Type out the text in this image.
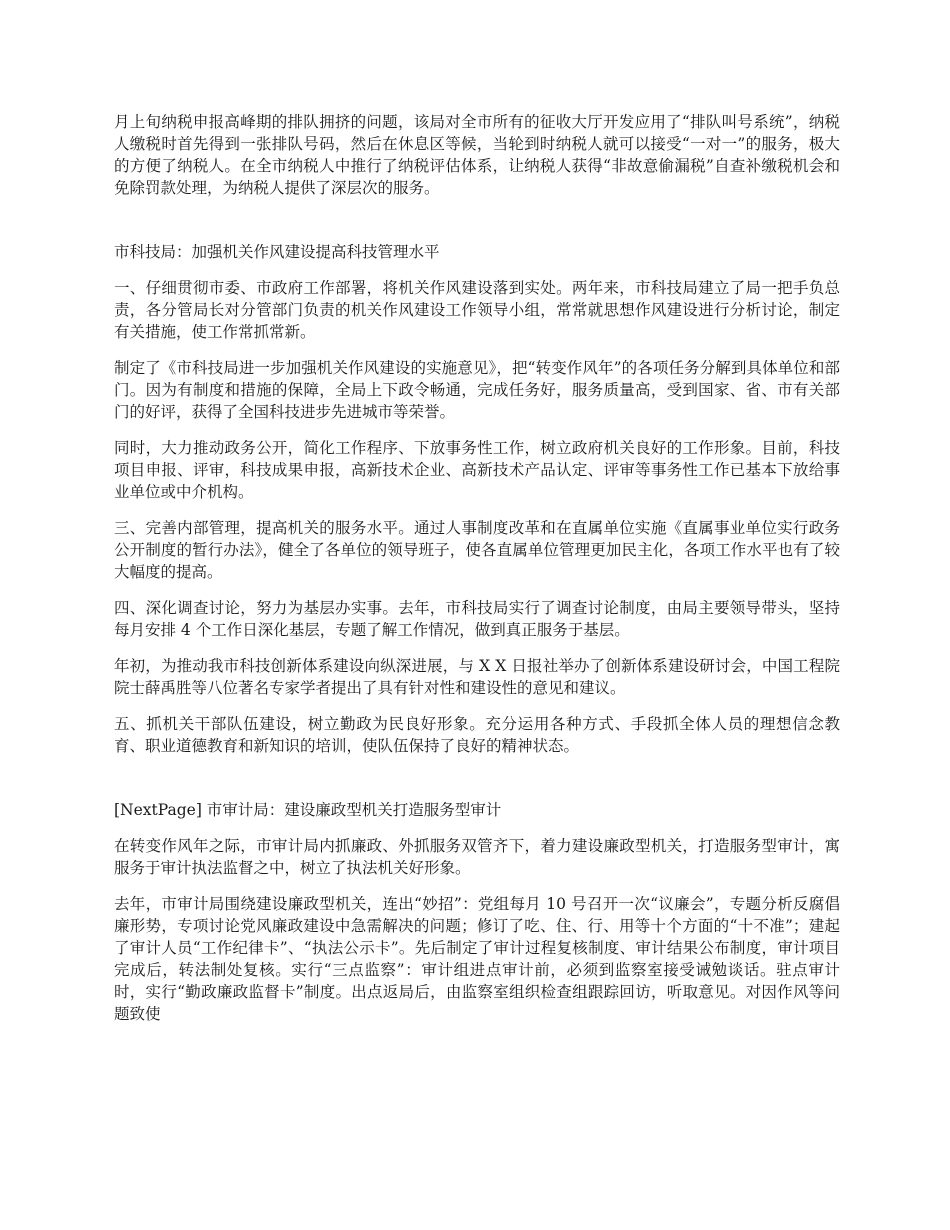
月上旬纳税申报高峰期的排队拥挤的问题，该局对全市所有的征收大厅开发应用了“排队叫号系统”，纳税人缴税时首先得到一张排队号码，然后在休息区等候，当轮到时纳税人就可以接受“一对一”的服务，极大的方便了纳税人。在全市纳税人中推行了纳税评估体系，让纳税人获得“非故意偷漏税”自查补缴税机会和免除罚款处理，为纳税人提供了深层次的服务。

市科技局：加强机关作风建设提高科技管理水平

一、仔细贯彻市委、市政府工作部署，将机关作风建设落到实处。两年来，市科技局建立了局一把手负总责，各分管局长对分管部门负责的机关作风建设工作领导小组，常常就思想作风建设进行分析讨论，制定有关措施，使工作常抓常新。

制定了《市科技局进一步加强机关作风建设的实施意见》，把“转变作风年”的各项任务分解到具体单位和部门。因为有制度和措施的保障，全局上下政令畅通，完成任务好，服务质量高，受到国家、省、市有关部门的好评，获得了全国科技进步先进城市等荣誉。

同时，大力推动政务公开，简化工作程序、下放事务性工作，树立政府机关良好的工作形象。目前，科技项目申报、评审，科技成果申报，高新技术企业、高新技术产品认定、评审等事务性工作已基本下放给事业单位或中介机构。

三、完善内部管理，提高机关的服务水平。通过人事制度改革和在直属单位实施《直属事业单位实行政务公开制度的暂行办法》，健全了各单位的领导班子，使各直属单位管理更加民主化，各项工作水平也有了较大幅度的提高。

四、深化调查讨论，努力为基层办实事。去年，市科技局实行了调查讨论制度，由局主要领导带头，坚持每月安排 4 个工作日深化基层，专题了解工作情况，做到真正服务于基层。

年初，为推动我市科技创新体系建设向纵深进展，与 X X 日报社举办了创新体系建设研讨会，中国工程院院士薛禹胜等八位著名专家学者提出了具有针对性和建设性的意见和建议。

五、抓机关干部队伍建设，树立勤政为民良好形象。充分运用各种方式、手段抓全体人员的理想信念教育、职业道德教育和新知识的培训，使队伍保持了良好的精神状态。

[NextPage] 市审计局：建设廉政型机关打造服务型审计

在转变作风年之际，市审计局内抓廉政、外抓服务双管齐下，着力建设廉政型机关，打造服务型审计，寓服务于审计执法监督之中，树立了执法机关好形象。

去年，市审计局围绕建设廉政型机关，连出“妙招”：党组每月 10 号召开一次“议廉会”，专题分析反腐倡廉形势，专项讨论党风廉政建设中急需解决的问题；修订了吃、住、行、用等十个方面的“十不准”；建起了审计人员“工作纪律卡”、“执法公示卡”。先后制定了审计过程复核制度、审计结果公布制度，审计项目完成后，转法制处复核。实行“三点监察”：审计组进点审计前，必须到监察室接受诫勉谈话。驻点审计时，实行“勤政廉政监督卡”制度。出点返局后，由监察室组织检查组跟踪回访，听取意见。对因作风等问题致使
